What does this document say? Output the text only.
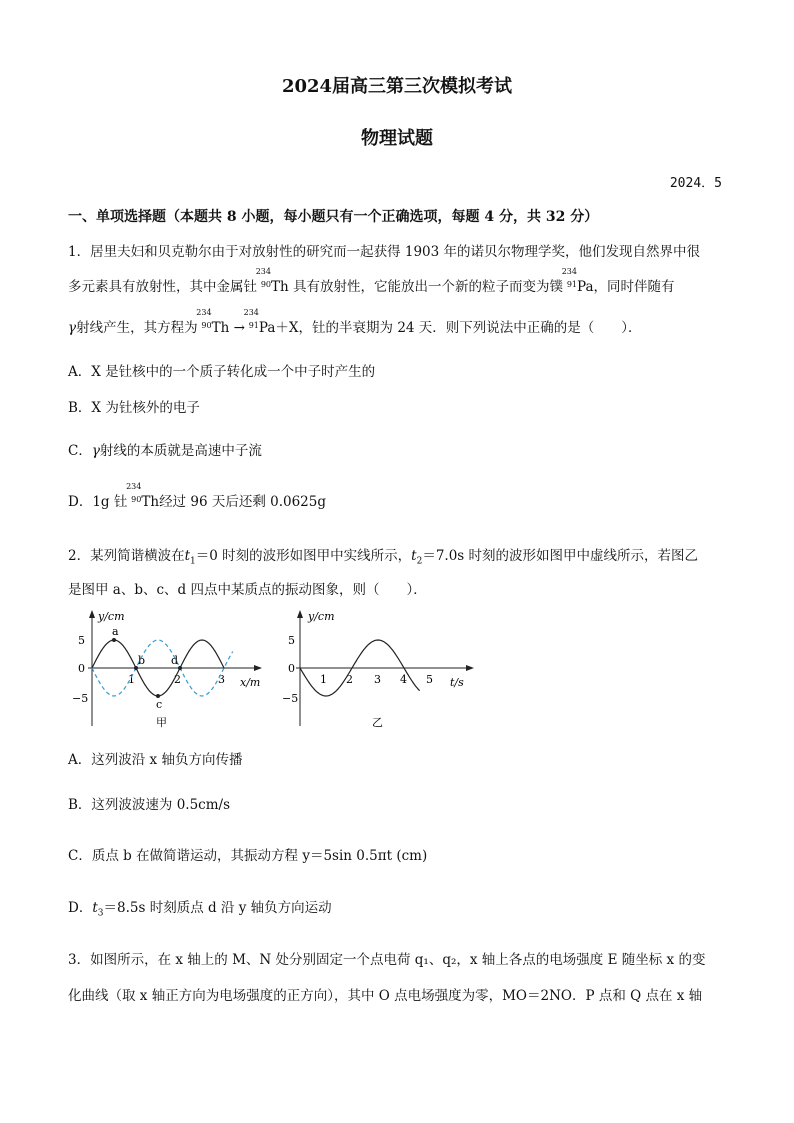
2024届高三第三次模拟考试
物理试题
2024．5
一、单项选择题（本题共 8 小题，每小题只有一个正确选项，每题 4 分，共 32 分）
1．居里夫妇和贝克勒尔由于对放射性的研究而一起获得 1903 年的诺贝尔物理学奖，他们发现自然界中很
多元素具有放射性，其中金属钍
234
90 Th 具有放射性，它能放出一个新的粒子而变为镤
234
91 Pa，同时伴随有
γ射线产生，其方程为
234
90 Th →
234
91 Pa＋X，钍的半衰期为 24 天．则下列说法中正确的是（　　）．
A．X 是钍核中的一个质子转化成一个中子时产生的
B．X 为钍核外的电子
C．γ射线的本质就是高速中子流
D．1g 钍
234
90 Th经过 96 天后还剩 0.0625g
2．某列简谐横波在$t_1=0$ 时刻的波形如图甲中实线所示，$t_2=7.0s$ 时刻的波形如图甲中虚线所示，若图乙
是图甲 a、b、c、d 四点中某质点的振动图象，则（　　）．
y/cm
x/m
5
0
−5
1	2	3
a
b
c
d
甲
y/cm
t/s
5
0
−5
1 2 3 4 5
乙
A．这列波沿 x 轴负方向传播
B．这列波波速为 0.5cm/s
C．质点 b 在做简谐运动，其振动方程 y＝5sin 0.5πt (cm)
D．$t_3=8.5s$ 时刻质点 d 沿 y 轴负方向运动
3．如图所示，在 x 轴上的 M、N 处分别固定一个点电荷 q₁、q₂，x 轴上各点的电场强度 E 随坐标 x 的变
化曲线（取 x 轴正方向为电场强度的正方向），其中 O 点电场强度为零，MO＝2NO．P 点和 Q 点在 x 轴
